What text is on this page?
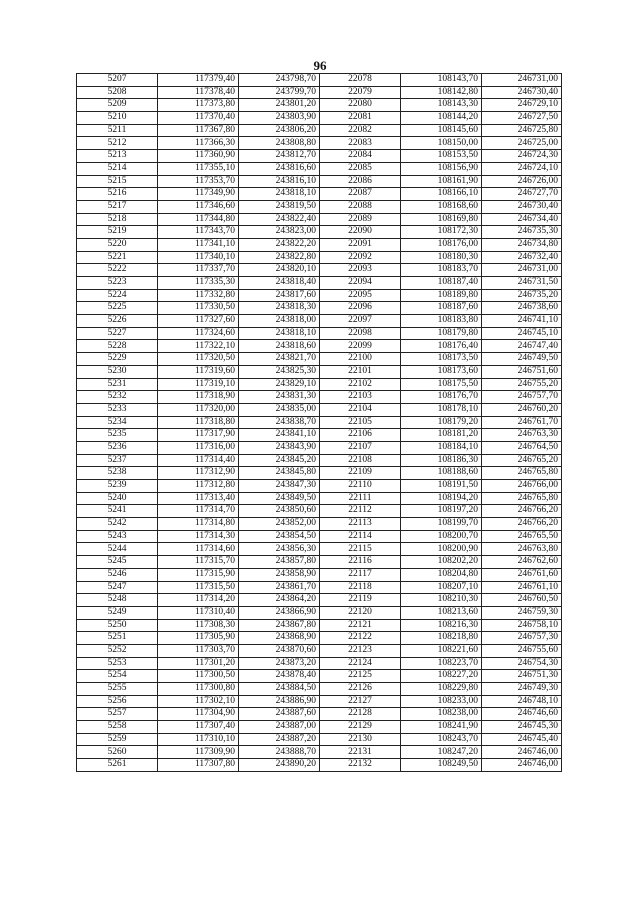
96
5207	117379,40	243798,70	22078	108143,70	246731,00
5208	117378,40	243799,70	22079	108142,80	246730,40
5209	117373,80	243801,20	22080	108143,30	246729,10
5210	117370,40	243803,90	22081	108144,20	246727,50
5211	117367,80	243806,20	22082	108145,60	246725,80
5212	117366,30	243808,80	22083	108150,00	246725,00
5213	117360,90	243812,70	22084	108153,50	246724,30
5214	117355,10	243816,60	22085	108156,90	246724,10
5215	117353,70	243816,10	22086	108161,90	246726,00
5216	117349,90	243818,10	22087	108166,10	246727,70
5217	117346,60	243819,50	22088	108168,60	246730,40
5218	117344,80	243822,40	22089	108169,80	246734,40
5219	117343,70	243823,00	22090	108172,30	246735,30
5220	117341,10	243822,20	22091	108176,00	246734,80
5221	117340,10	243822,80	22092	108180,30	246732,40
5222	117337,70	243820,10	22093	108183,70	246731,00
5223	117335,30	243818,40	22094	108187,40	246731,50
5224	117332,80	243817,60	22095	108189,80	246735,20
5225	117330,50	243818,30	22096	108187,60	246738,60
5226	117327,60	243818,00	22097	108183,80	246741,10
5227	117324,60	243818,10	22098	108179,80	246745,10
5228	117322,10	243818,60	22099	108176,40	246747,40
5229	117320,50	243821,70	22100	108173,50	246749,50
5230	117319,60	243825,30	22101	108173,60	246751,60
5231	117319,10	243829,10	22102	108175,50	246755,20
5232	117318,90	243831,30	22103	108176,70	246757,70
5233	117320,00	243835,00	22104	108178,10	246760,20
5234	117318,80	243838,70	22105	108179,20	246761,70
5235	117317,90	243841,10	22106	108181,20	246763,30
5236	117316,00	243843,90	22107	108184,10	246764,50
5237	117314,40	243845,20	22108	108186,30	246765,20
5238	117312,90	243845,80	22109	108188,60	246765,80
5239	117312,80	243847,30	22110	108191,50	246766,00
5240	117313,40	243849,50	22111	108194,20	246765,80
5241	117314,70	243850,60	22112	108197,20	246766,20
5242	117314,80	243852,00	22113	108199,70	246766,20
5243	117314,30	243854,50	22114	108200,70	246765,50
5244	117314,60	243856,30	22115	108200,90	246763,80
5245	117315,70	243857,80	22116	108202,20	246762,60
5246	117315,90	243858,90	22117	108204,80	246761,60
5247	117315,50	243861,70	22118	108207,10	246761,10
5248	117314,20	243864,20	22119	108210,30	246760,50
5249	117310,40	243866,90	22120	108213,60	246759,30
5250	117308,30	243867,80	22121	108216,30	246758,10
5251	117305,90	243868,90	22122	108218,80	246757,30
5252	117303,70	243870,60	22123	108221,60	246755,60
5253	117301,20	243873,20	22124	108223,70	246754,30
5254	117300,50	243878,40	22125	108227,20	246751,30
5255	117300,80	243884,50	22126	108229,80	246749,30
5256	117302,10	243886,90	22127	108233,00	246748,10
5257	117304,90	243887,60	22128	108238,00	246746,60
5258	117307,40	243887,00	22129	108241,90	246745,30
5259	117310,10	243887,20	22130	108243,70	246745,40
5260	117309,90	243888,70	22131	108247,20	246746,00
5261	117307,80	243890,20	22132	108249,50	246746,00
